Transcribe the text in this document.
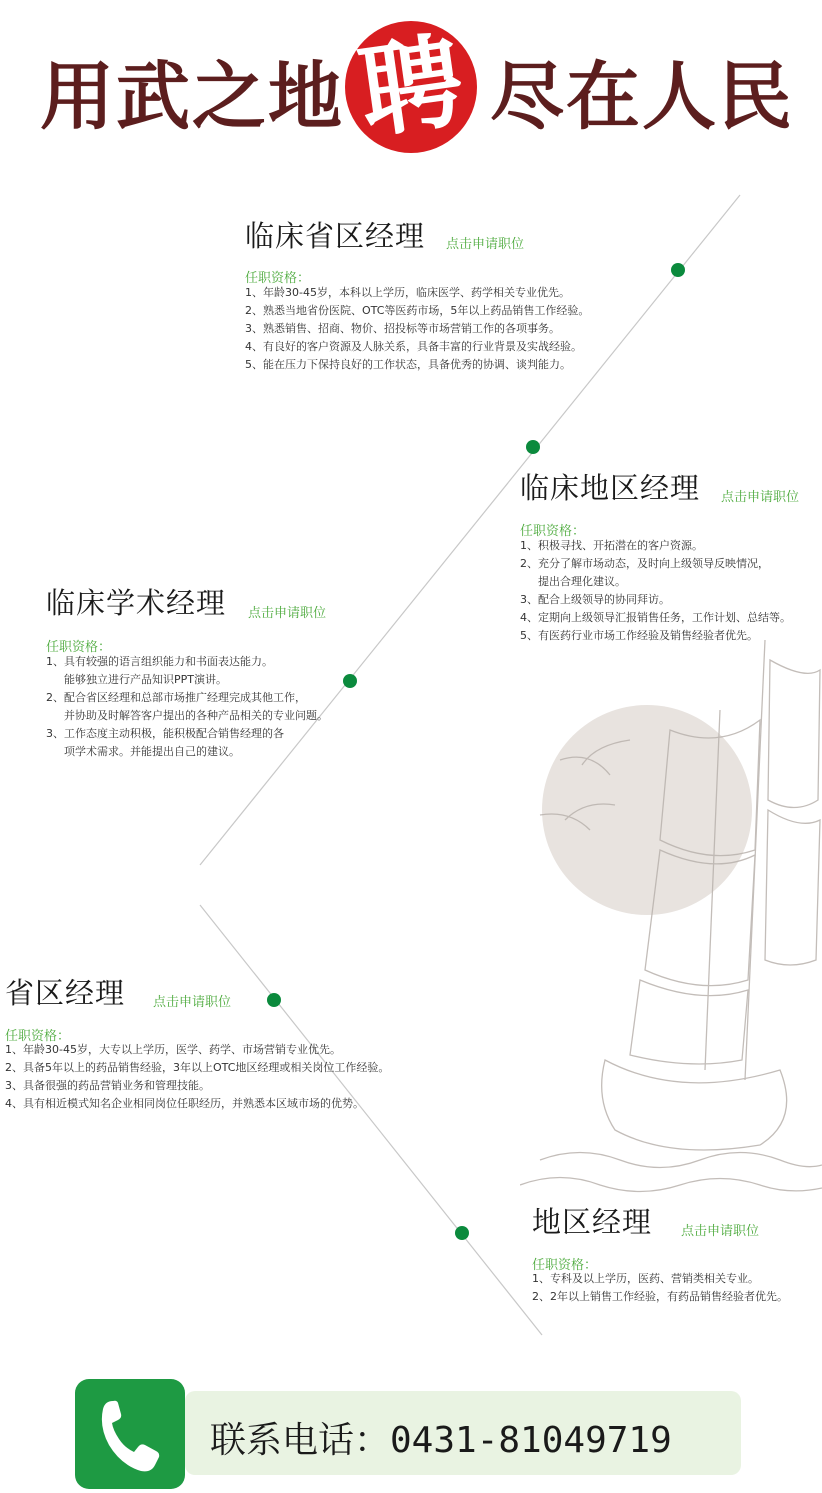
用武之地 聘 尽在人民
临床省区经理 点击申请职位
任职资格：
1、年龄30-45岁，本科以上学历，临床医学、药学相关专业优先。
2、熟悉当地省份医院、OTC等医药市场，5年以上药品销售工作经验。
3、熟悉销售、招商、物价、招投标等市场营销工作的各项事务。
4、有良好的客户资源及人脉关系，具备丰富的行业背景及实战经验。
5、能在压力下保持良好的工作状态，具备优秀的协调、谈判能力。
临床地区经理 点击申请职位
任职资格：
1、积极寻找、开拓潜在的客户资源。
2、充分了解市场动态，及时向上级领导反映情况，
提出合理化建议。
3、配合上级领导的协同拜访。
4、定期向上级领导汇报销售任务，工作计划、总结等。
5、有医药行业市场工作经验及销售经验者优先。
临床学术经理 点击申请职位
任职资格：
1、具有较强的语言组织能力和书面表达能力。
能够独立进行产品知识PPT演讲。
2、配合省区经理和总部市场推广经理完成其他工作，
并协助及时解答客户提出的各种产品相关的专业问题。
3、工作态度主动积极，能积极配合销售经理的各
项学术需求。并能提出自己的建议。
省区经理 点击申请职位
任职资格：
1、年龄30-45岁，大专以上学历，医学、药学、市场营销专业优先。
2、具备5年以上的药品销售经验，3年以上OTC地区经理或相关岗位工作经验。
3、具备很强的药品营销业务和管理技能。
4、具有相近模式知名企业相同岗位任职经历，并熟悉本区域市场的优势。
地区经理 点击申请职位
任职资格：
1、专科及以上学历，医药、营销类相关专业。
2、2年以上销售工作经验，有药品销售经验者优先。
联系电话：0431-81049719
